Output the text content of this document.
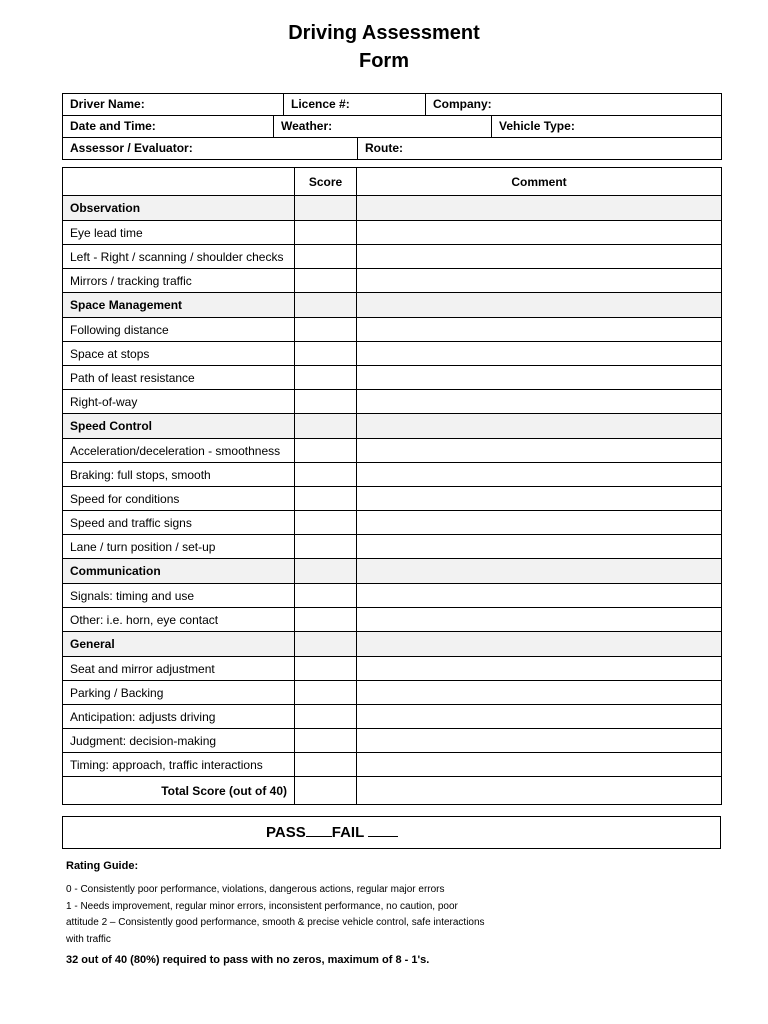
Driving Assessment
Form
Driver Name:	Licence #:	Company:
Date and Time:	Weather:	Vehicle Type:
Assessor / Evaluator:	Route:
	Score	Comment
Observation		
Eye lead time		
Left - Right / scanning / shoulder checks		
Mirrors / tracking traffic		
Space Management		
Following distance		
Space at stops		
Path of least resistance		
Right-of-way		
Speed Control		
Acceleration/deceleration - smoothness		
Braking: full stops, smooth		
Speed for conditions		
Speed and traffic signs		
Lane / turn position / set-up		
Communication		
Signals: timing and use		
Other: i.e. horn, eye contact		
General		
Seat and mirror adjustment		
Parking / Backing		
Anticipation: adjusts driving		
Judgment: decision-making		
Timing: approach, traffic interactions		
Total Score (out of 40)		
PASS FAIL
Rating Guide:
0 - Consistently poor performance, violations, dangerous actions, regular major errors
1 - Needs improvement, regular minor errors, inconsistent performance, no caution, poor
attitude 2 – Consistently good performance, smooth & precise vehicle control, safe interactions
with traffic
32 out of 40 (80%) required to pass with no zeros, maximum of 8 - 1's.
